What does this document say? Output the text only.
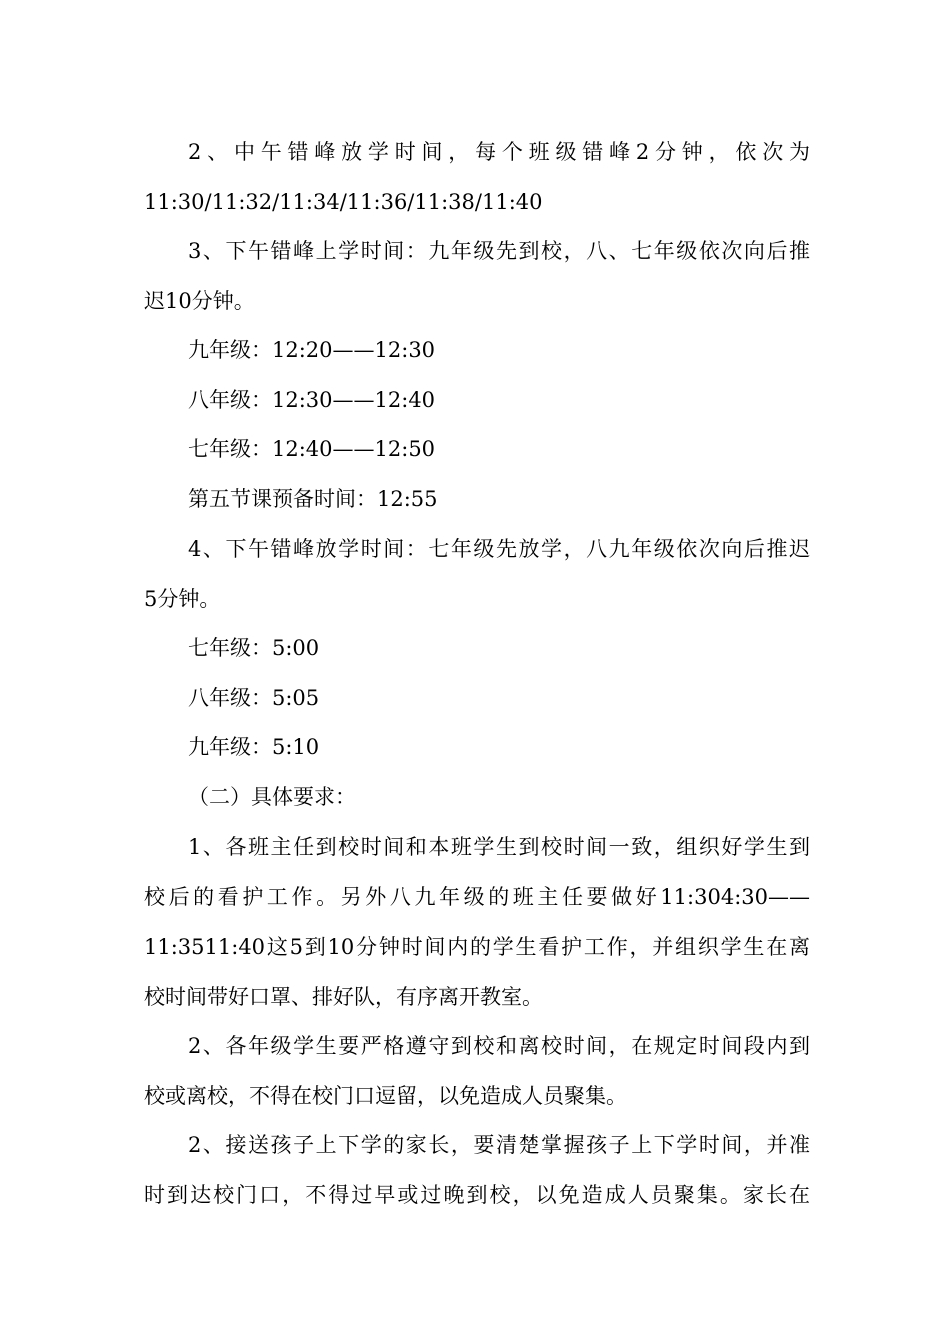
2、中午错峰放学时间，每个班级错峰2分钟，依次为
11:30/11:32/11:34/11:36/11:38/11:40
3、下午错峰上学时间：九年级先到校，八、七年级依次向后推
迟10分钟。
九年级：12:20——12:30
八年级：12:30——12:40
七年级：12:40——12:50
第五节课预备时间：12:55
4、下午错峰放学时间：七年级先放学，八九年级依次向后推迟
5分钟。
七年级：5:00
八年级：5:05
九年级：5:10
（二）具体要求：
1、各班主任到校时间和本班学生到校时间一致，组织好学生到
校后的看护工作。另外八九年级的班主任要做好11:304:30——
11:3511:40这5到10分钟时间内的学生看护工作，并组织学生在离
校时间带好口罩、排好队，有序离开教室。
2、各年级学生要严格遵守到校和离校时间，在规定时间段内到
校或离校，不得在校门口逗留，以免造成人员聚集。
2、接送孩子上下学的家长，要清楚掌握孩子上下学时间，并准
时到达校门口，不得过早或过晚到校，以免造成人员聚集。家长在
